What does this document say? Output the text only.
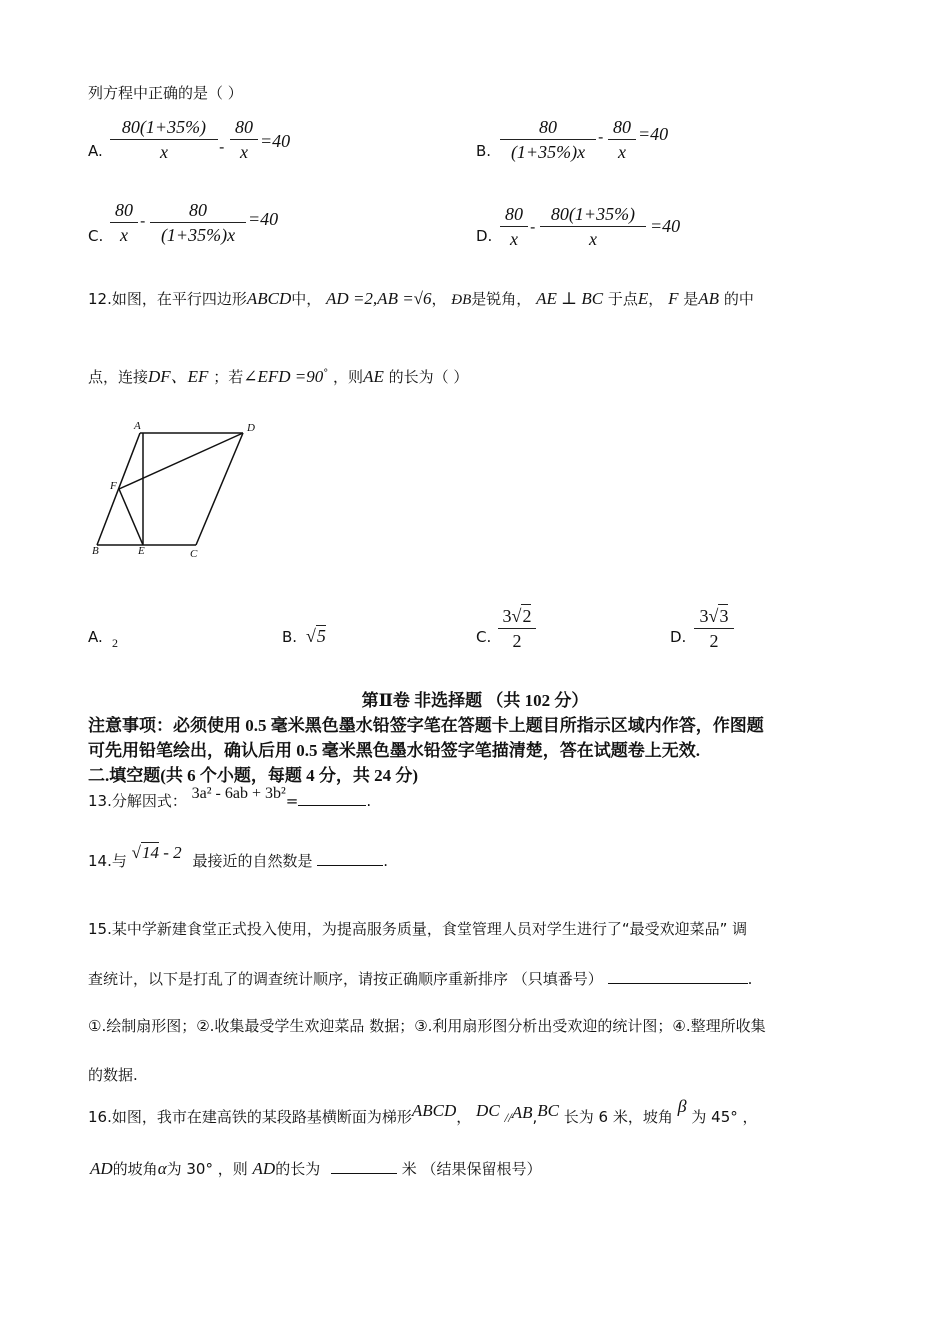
列方程中正确的是（ ）
A.
80(1+35%)
x	-
80
x
=40	B.
80
(1+35%)x
- 80
x
=40
C.
80
x
-
80
(1+35%)x
=40
D.
80
x
-
80(1+35%)
x
=40
12.如图，在平行四边形ABCD中， AD =2,AB =√6， ÐB是锐角， AE ⊥ BC 于点E， F 是AB 的中
点，连接DF、EF ；若∠EFD =90° ，则AE 的长为（ ）
A	D
F
B	E	C
A. 2	B. √5	C.
3√2
2	D.
3√3
2
第Ⅱ卷 非选择题 （共 102 分）
注意事项：必须使用 0.5 毫米黑色墨水铅签字笔在答题卡上题目所指示区域内作答，作图题
可先用铅笔绘出，确认后用 0.5 毫米黑色墨水铅签字笔描清楚，答在试题卷上无效.
二.填空题(共 6 个小题，每题 4 分，共 24 分)
13.分解因式： 3a² - 6ab + 3b²=	.
14.与 √14 - 2 最接近的自然数是	.
15.某中学新建食堂正式投入使用，为提高服务质量，食堂管理人员对学生进行了“最受欢迎菜品” 调
查统计，以下是打乱了的调查统计顺序，请按正确顺序重新排序 （只填番号）	.
①.绘制扇形图；②.收集最受学生欢迎菜品 数据；③.利用扇形图分析出受欢迎的统计图；④.整理所收集
的数据.
16.如图，我市在建高铁的某段路基横断面为梯形ABCD， DC //AB,BC 长为 6 米，坡角 β 为 45° ，
AD的坡角α为 30° ，则 AD的长为	米 （结果保留根号）
